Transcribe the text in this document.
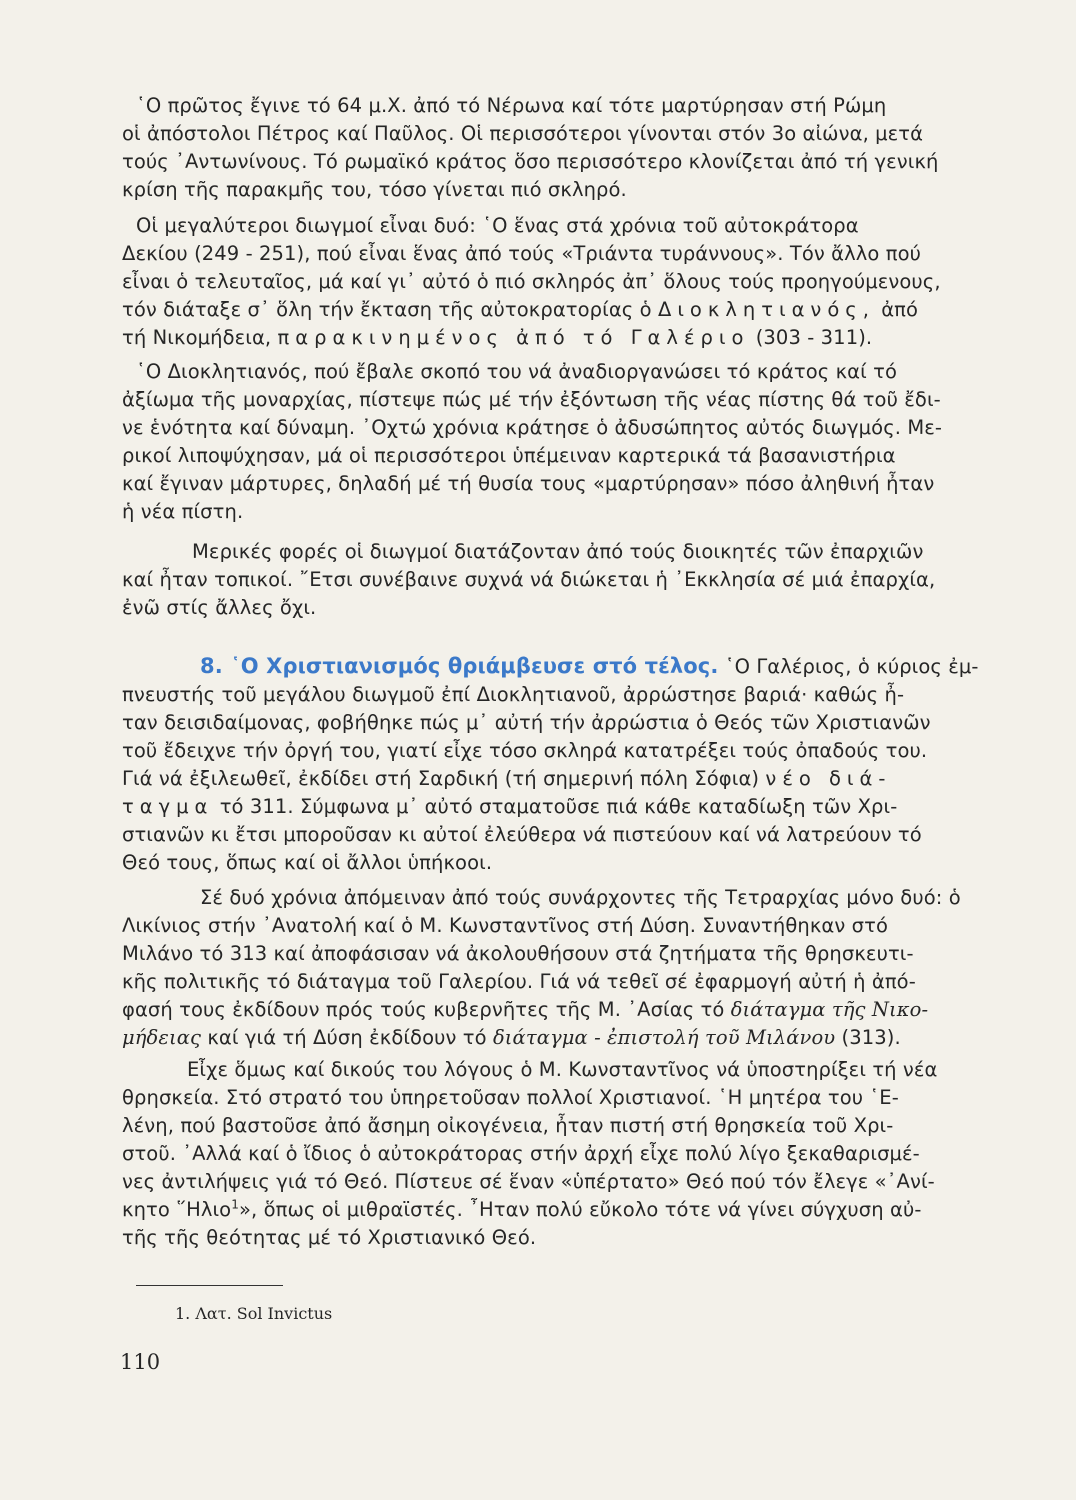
῾Ο πρῶτος ἔγινε τό 64 μ.Χ. ἀπό τό Νέρωνα καί τότε μαρτύρησαν στή Ρώμη
οἱ ἀπόστολοι Πέτρος καί Παῦλος. Οἱ περισσότεροι γίνονται στόν 3ο αἰώνα, μετά
τούς ᾿Αντωνίνους. Τό ρωμαϊκό κράτος ὅσο περισσότερο κλονίζεται ἀπό τή γενική
κρίση τῆς παρακμῆς του, τόσο γίνεται πιό σκληρό.
Οἱ μεγαλύτεροι διωγμοί εἶναι δυό: ῾Ο ἕνας στά χρόνια τοῦ αὐτοκράτορα
Δεκίου (249 - 251), πού εἶναι ἕνας ἀπό τούς «Τριάντα τυράννους». Τόν ἄλλο πού
εἶναι ὁ τελευταῖος, μά καί γι᾿ αὐτό ὁ πιό σκληρός ἀπ᾿ ὅλους τούς προηγούμενους,
τόν διάταξε σ᾿ ὅλη τήν ἔκταση τῆς αὐτοκρατορίας ὁ Διοκλητιανός, ἀπό
τή Νικομήδεια, παρακινημένος ἀπό τό Γαλέριο (303 - 311).
῾Ο Διοκλητιανός, πού ἔβαλε σκοπό του νά ἀναδιοργανώσει τό κράτος καί τό
ἀξίωμα τῆς μοναρχίας, πίστεψε πώς μέ τήν ἐξόντωση τῆς νέας πίστης θά τοῦ ἔδι-
νε ἑνότητα καί δύναμη. ᾿Οχτώ χρόνια κράτησε ὁ ἀδυσώπητος αὐτός διωγμός. Με-
ρικοί λιποψύχησαν, μά οἱ περισσότεροι ὑπέμειναν καρτερικά τά βασανιστήρια
καί ἔγιναν μάρτυρες, δηλαδή μέ τή θυσία τους «μαρτύρησαν» πόσο ἀληθινή ἦταν
ἡ νέα πίστη.
Μερικές φορές οἱ διωγμοί διατάζονταν ἀπό τούς διοικητές τῶν ἐπαρχιῶν
καί ἦταν τοπικοί. ῎Ετσι συνέβαινε συχνά νά διώκεται ἡ ᾿Εκκλησία σέ μιά ἐπαρχία,
ἐνῶ στίς ἄλλες ὄχι.
8. ῾Ο Χριστιανισμός θριάμβευσε στό τέλος. ῾Ο Γαλέριος, ὁ κύριος ἐμ-
πνευστής τοῦ μεγάλου διωγμοῦ ἐπί Διοκλητιανοῦ, ἀρρώστησε βαριά· καθώς ἦ-
ταν δεισιδαίμονας, φοβήθηκε πώς μ᾿ αὐτή τήν ἀρρώστια ὁ Θεός τῶν Χριστιανῶν
τοῦ ἔδειχνε τήν ὀργή του, γιατί εἶχε τόσο σκληρά κατατρέξει τούς ὀπαδούς του.
Γιά νά ἐξιλεωθεῖ, ἐκδίδει στή Σαρδική (τή σημερινή πόλη Σόφια) νέο διά-
ταγμα τό 311. Σύμφωνα μ᾿ αὐτό σταματοῦσε πιά κάθε καταδίωξη τῶν Χρι-
στιανῶν κι ἔτσι μποροῦσαν κι αὐτοί ἐλεύθερα νά πιστεύουν καί νά λατρεύουν τό
Θεό τους, ὅπως καί οἱ ἄλλοι ὑπήκοοι.
Σέ δυό χρόνια ἀπόμειναν ἀπό τούς συνάρχοντες τῆς Τετραρχίας μόνο δυό: ὁ
Λικίνιος στήν ᾿Ανατολή καί ὁ Μ. Κωνσταντῖνος στή Δύση. Συναντήθηκαν στό
Μιλάνο τό 313 καί ἀποφάσισαν νά ἀκολουθήσουν στά ζητήματα τῆς θρησκευτι-
κῆς πολιτικῆς τό διάταγμα τοῦ Γαλερίου. Γιά νά τεθεῖ σέ ἐφαρμογή αὐτή ἡ ἀπό-
φασή τους ἐκδίδουν πρός τούς κυβερνῆτες τῆς Μ. ᾿Ασίας τό διάταγμα τῆς Νικο-
μήδειας καί γιά τή Δύση ἐκδίδουν τό διάταγμα - ἐπιστολή τοῦ Μιλάνου (313).
Εἶχε ὅμως καί δικούς του λόγους ὁ Μ. Κωνσταντῖνος νά ὑποστηρίξει τή νέα
θρησκεία. Στό στρατό του ὑπηρετοῦσαν πολλοί Χριστιανοί. ῾Η μητέρα του ῾Ε-
λένη, πού βαστοῦσε ἀπό ἄσημη οἰκογένεια, ἦταν πιστή στή θρησκεία τοῦ Χρι-
στοῦ. ᾿Αλλά καί ὁ ἴδιος ὁ αὐτοκράτορας στήν ἀρχή εἶχε πολύ λίγο ξεκαθαρισμέ-
νες ἀντιλήψεις γιά τό Θεό. Πίστευε σέ ἕναν «ὑπέρτατο» Θεό πού τόν ἔλεγε «᾿Ανί-
κητο ῞Ηλιο$^1$», ὅπως οἱ μιθραϊστές. ῏Ηταν πολύ εὔκολο τότε νά γίνει σύγχυση αὐ-
τῆς τῆς θεότητας μέ τό Χριστιανικό Θεό.
1. Λατ. Sol Invictus
110
